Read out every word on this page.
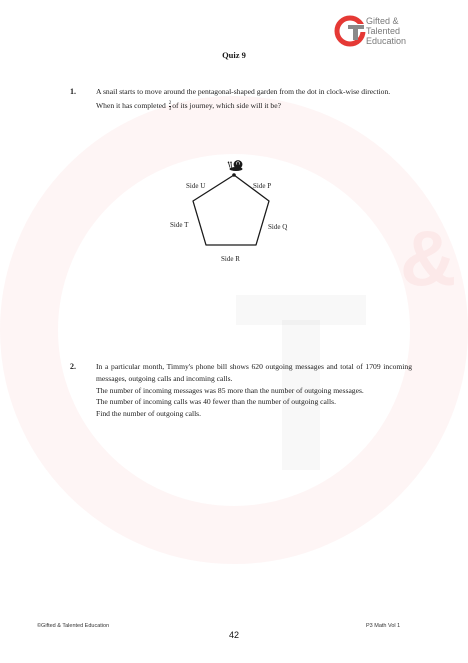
&
Gifted &
Talented
Education
Quiz 9
1.	A snail starts to move around the pentagonal-shaped garden from the dot in clock-wise direction.
When it has completed $\frac{2}{3}$ of its journey, which side will it be?
Side U	Side P
Side T	Side Q
Side R
2.	In a particular month, Timmy's phone bill shows 620 outgoing messages and total of 1709 incoming messages, outgoing calls and incoming calls.

The number of incoming messages was 85 more than the number of outgoing messages.

The number of incoming calls was 40 fewer than the number of outgoing calls.

Find the number of outgoing calls.

©Gifted & Talented Education	P3 Math Vol 1
42
